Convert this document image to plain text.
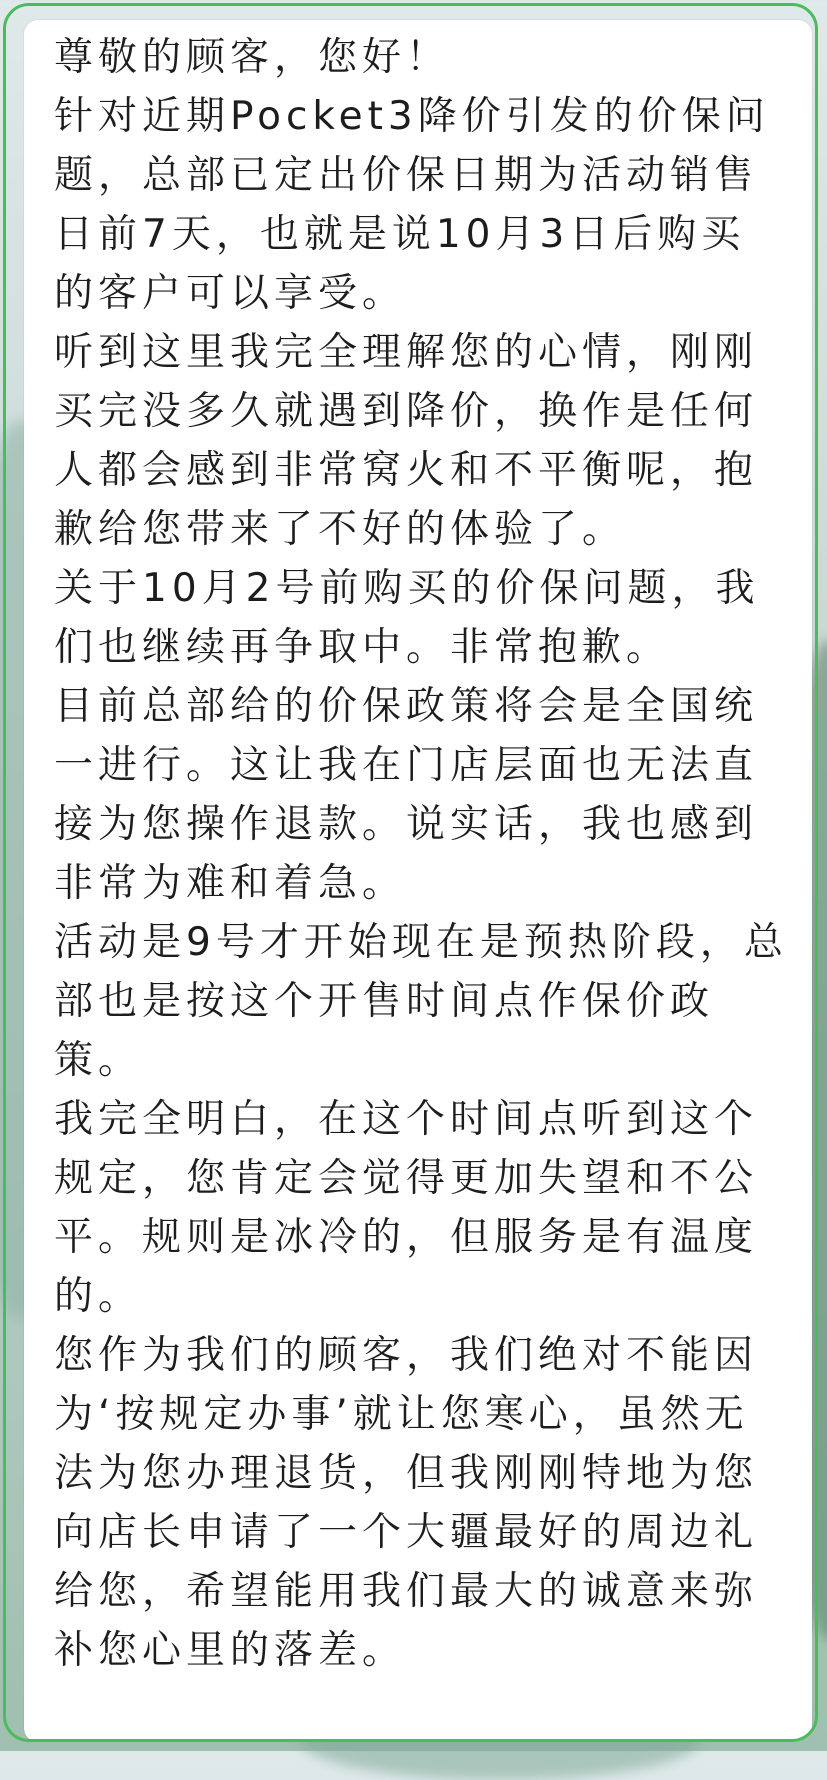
尊敬的顾客，您好！
针对近期Pocket3降价引发的价保问题，总部已定出价保日期为活动销售日前7天，也就是说10月3日后购买的客户可以享受。
听到这里我完全理解您的心情，刚刚买完没多久就遇到降价，换作是任何人都会感到非常窝火和不平衡呢，抱歉给您带来了不好的体验了。
关于10月2号前购买的价保问题，我们也继续再争取中。非常抱歉。
目前总部给的价保政策将会是全国统一进行。这让我在门店层面也无法直接为您操作退款。说实话，我也感到非常为难和着急。
活动是9号才开始现在是预热阶段，总部也是按这个开售时间点作保价政策。
我完全明白，在这个时间点听到这个规定，您肯定会觉得更加失望和不公平。规则是冰冷的，但服务是有温度的。
您作为我们的顾客，我们绝对不能因为‘按规定办事’就让您寒心，虽然无法为您办理退货，但我刚刚特地为您向店长申请了一个大疆最好的周边礼给您，希望能用我们最大的诚意来弥补您心里的落差。
